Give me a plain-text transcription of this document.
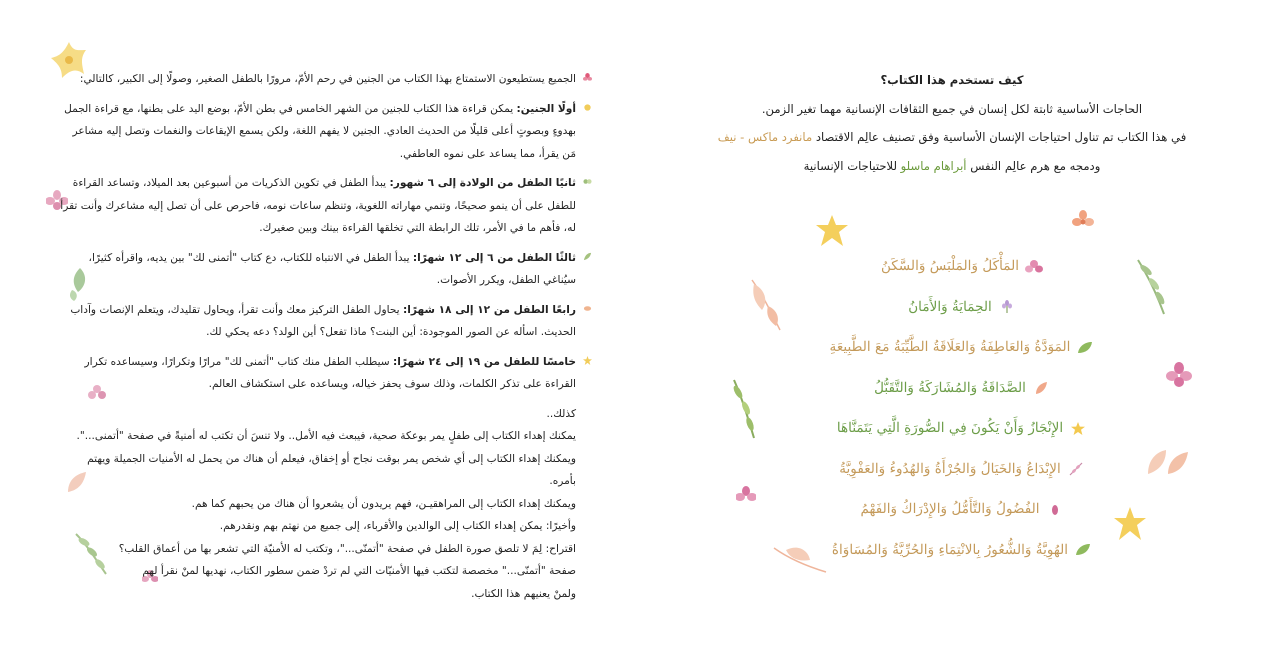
الجميع يستطيعون الاستمتاع بهذا الكتاب من الجنين في رحم الأمّ، مرورًا بالطفل الصغير، وصولًا إلى الكبير، كالتالي:

أولًا الجنين: يمكن قراءة هذا الكتاب للجنين من الشهر الخامس في بطن الأمّ، بوضع اليد على بطنها، مع قراءة الجمل بهدوءٍ وبصوتٍ أعلى قليلًا من الحديث العادي. الجنين لا يفهم اللغة، ولكن يسمع الإيقاعات والنغمات وتصل إليه مشاعر مَن يقرأ، مما يساعد على نموه العاطفي.

ثانيًا الطفل من الولادة إلى ٦ شهور: يبدأ الطفل في تكوين الذكريات من أسبوعين بعد الميلاد، وتساعد القراءة للطفل على أن ينمو صحيحًا، وتنمي مهاراته اللغوية، وتنظم ساعات نومه، فاحرص على أن تصل إليه مشاعرك وأنت تقرأ له، فأهم ما في الأمر، تلك الرابطة التي تخلقها القراءة بينك وبين صغيرك.

ثالثًا الطفل من ٦ إلى ١٢ شهرًا: يبدأ الطفل في الانتباه للكتاب، دع كتاب "أتمنى لك" بين يديه، واقرأه كثيرًا، سيُناغي الطفل، ويكرر الأصوات.

رابعًا الطفل من ١٢ إلى ١٨ شهرًا: يحاول الطفل التركيز معك وأنت تقرأ، ويحاول تقليدك، ويتعلم الإنصات وآداب الحديث. اسأله عن الصور الموجودة: أين البنت؟ ماذا تفعل؟ أين الولد؟ دعه يحكي لك.

خامسًا للطفل من ١٩ إلى ٢٤ شهرًا: سيطلب الطفل منك كتاب "أتمنى لك" مرارًا وتكرارًا، وسيساعده تكرار القراءة على تذكر الكلمات، وذلك سوف يحفز خياله، ويساعده على استكشاف العالم.

كذلك..

يمكنك إهداء الكتاب إلى طفلٍ يمر بوعكة صحية، فيبعث فيه الأمل.. ولا تنسَ أن تكتب له أمنيةً في صفحة "أتمنى...".

ويمكنك إهداء الكتاب إلى أي شخص يمر بوقت نجاح أو إخفاق، فيعلم أن هناك من يحمل له الأمنيات الجميلة ويهتم بأمره.

ويمكنك إهداء الكتاب إلى المراهقيـن، فهم يريدون أن يشعروا أن هناك من يحبهم كما هم.

وأخيرًا: يمكن إهداء الكتاب إلى الوالدين والأقرباء، إلى جميع من نهتم بهم ونقدرهم.

اقتراح: لِمَ لا تلصق صورة الطفل في صفحة "أتمنّى..."، وتكتب له الأمنيّة التي تشعر بها من أعماق القلب؟

صفحة "أتمنّى..." مخصصة لتكتب فيها الأمنيّات التي لم تردْ ضمن سطور الكتاب، نهديها لمنْ نقرأ لهم

ولمنْ يعنيهم هذا الكتاب.

كيف تستخدم هذا الكتاب؟

الحاجات الأساسية ثابتة لكل إنسان في جميع الثقافات الإنسانية مهما تغير الزمن.

في هذا الكتاب تم تناول احتياجات الإنسان الأساسية وفق تصنيف عالِم الاقتصاد مانفرد ماكس - نيف

ودمجه مع هرم عالِم النفس أبراهام ماسلو للاحتياجات الإنسانية

المَأْكَلُ وَالمَلْبَسُ وَالسَّكَنُ
الحِمَايَةُ وَالأَمَانُ
المَوَدَّةُ وَالعَاطِفَةُ وَالعَلَاقَةُ الطَّيِّبَةُ مَعَ الطَّبِيعَةِ
الصَّدَاقَةُ وَالمُشَارَكَةُ وَالتَّقَبُّلُ
الإِنْجَازُ وَأَنْ يَكُونَ فِي الصُّورَةِ الَّتِي يَتَمَنَّاهَا
الإِبْدَاعُ وَالخَيَالُ وَالجُرْأَةُ وَالهُدُوءُ وَالعَفْوِيَّةُ
الفُضُولُ وَالتَّأَمُّلُ وَالإِدْرَاكُ وَالفَهْمُ
الهُوِيَّةُ وَالشُّعُورُ بِالانْتِمَاءِ وَالحُرِّيَّةُ وَالمُسَاوَاةُ
